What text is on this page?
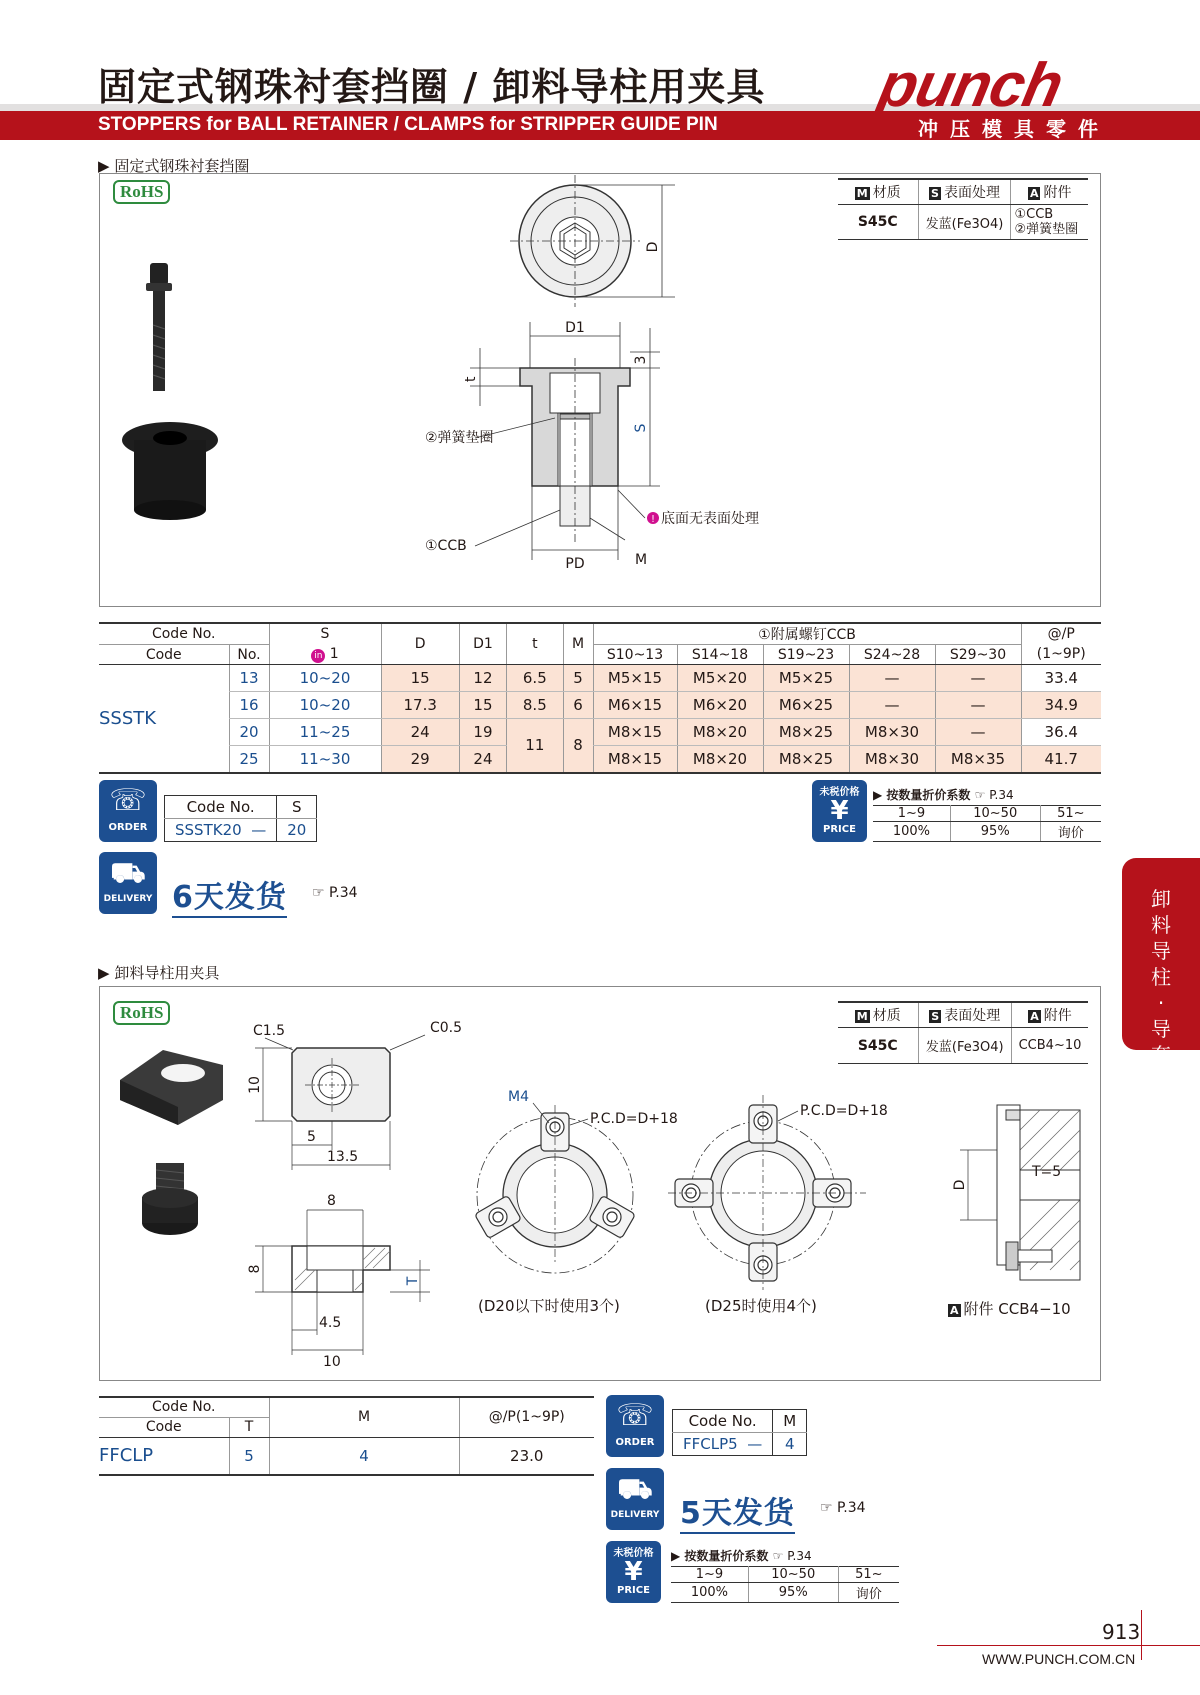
固定式钢珠衬套挡圈 / 卸料导柱用夹具
STOPPERS for BALL RETAINER / CLAMPS for STRIPPER GUIDE PIN
punch
冲压模具零件
卸料导柱·导套
▶ 固定式钢珠衬套挡圈
RoHS
D
D1
t
3
S
PD	M
②弹簧垫圈
①CCB
! 底面无表面处理
M 材质	S 表面处理	A 附件
S45C	发蓝(Fe3O4)	①CCB
②弹簧垫圈
Code No.		S	D	D1	t	M	①附属螺钉CCB					@/P
Code	No.	in 1					S10~13	S14~18	S19~23	S24~28	S29~30	(1~9P)
SSSTK	13	10~20	15	12	6.5	5	M5×15	M5×20	M5×25	—	—	33.4
	16	10~20	17.3	15	8.5	6	M6×15	M6×20	M6×25	—	—	34.9
	20	11~25	24	19	11	8	M8×15	M8×20	M8×25	M8×30	—	36.4
	25	11~30	29	24			M8×15	M8×20	M8×25	M8×30	M8×35	41.7
☏
ORDER
Code No.	S
SSSTK20 —	20
未税价格
¥
PRICE
▶ 按数量折价系数 ☞ P.34
1~9	10~50	51~
100%	95%	询价
⛟
DELIVERY 6天发货 ☞ P.34
▶ 卸料导柱用夹具
RoHS	M 材质	S 表面处理	A 附件
S45C	发蓝(Fe3O4)	CCB4~10
10
C1.5	C0.5
5
13.5
8
8
T
4.5
10
M4
P.C.D=D+18
(D20以下时使用3个)
P.C.D=D+18
(D25时使用4个)
D
T=5
A 附件 CCB4−10
Code No.		M	@/P(1~9P)
Code	T		
FFCLP	5	4	23.0
☏
ORDER
Code No.	M
FFCLP5 —	4
⛟
DELIVERY 5天发货 ☞ P.34
未税价格
¥
PRICE
▶ 按数量折价系数 ☞ P.34
1~9	10~50	51~
100%	95%	询价
913
WWW.PUNCH.COM.CN
